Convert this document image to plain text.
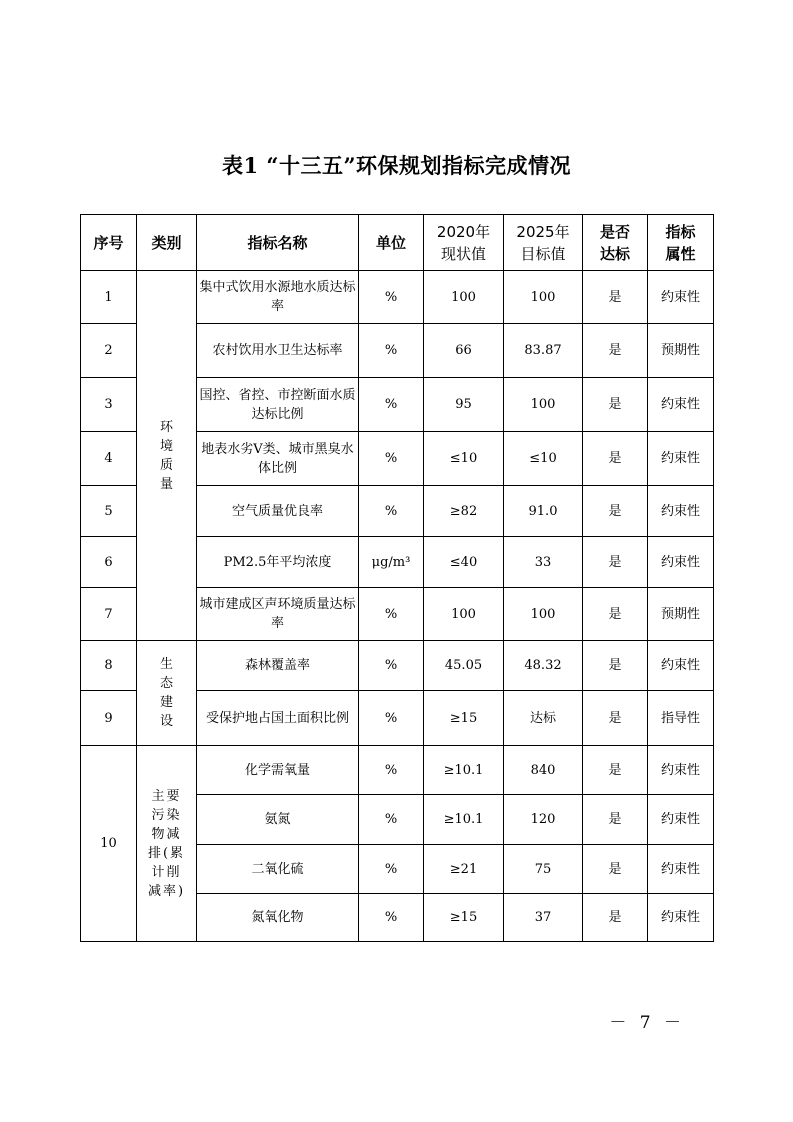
表1 “十三五”环保规划指标完成情况
序号	类别	指标名称	单位	2020年现状值	2025年目标值	是否达标	指标属性
1	环境质量	集中式饮用水源地水质达标率	%	100	100	是	约束性
2		农村饮用水卫生达标率	%	66	83.87	是	预期性
3		国控、省控、市控断面水质达标比例	%	95	100	是	约束性
4		地表水劣V类、城市黑臭水体比例	%	≤10	≤10	是	约束性
5		空气质量优良率	%	≥82	91.0	是	约束性
6		PM2.5年平均浓度	μg/m³	≤40	33	是	约束性
7		城市建成区声环境质量达标率	%	100	100	是	预期性
8	生态建设	森林覆盖率	%	45.05	48.32	是	约束性
9		受保护地占国土面积比例	%	≥15	达标	是	指导性
10	主要污染物减排(累计削减率)	化学需氧量	%	≥10.1	840	是	约束性
		氨氮	%	≥10.1	120	是	约束性
		二氧化硫	%	≥21	75	是	约束性
		氮氧化物	%	≥15	37	是	约束性
－ 7 －
